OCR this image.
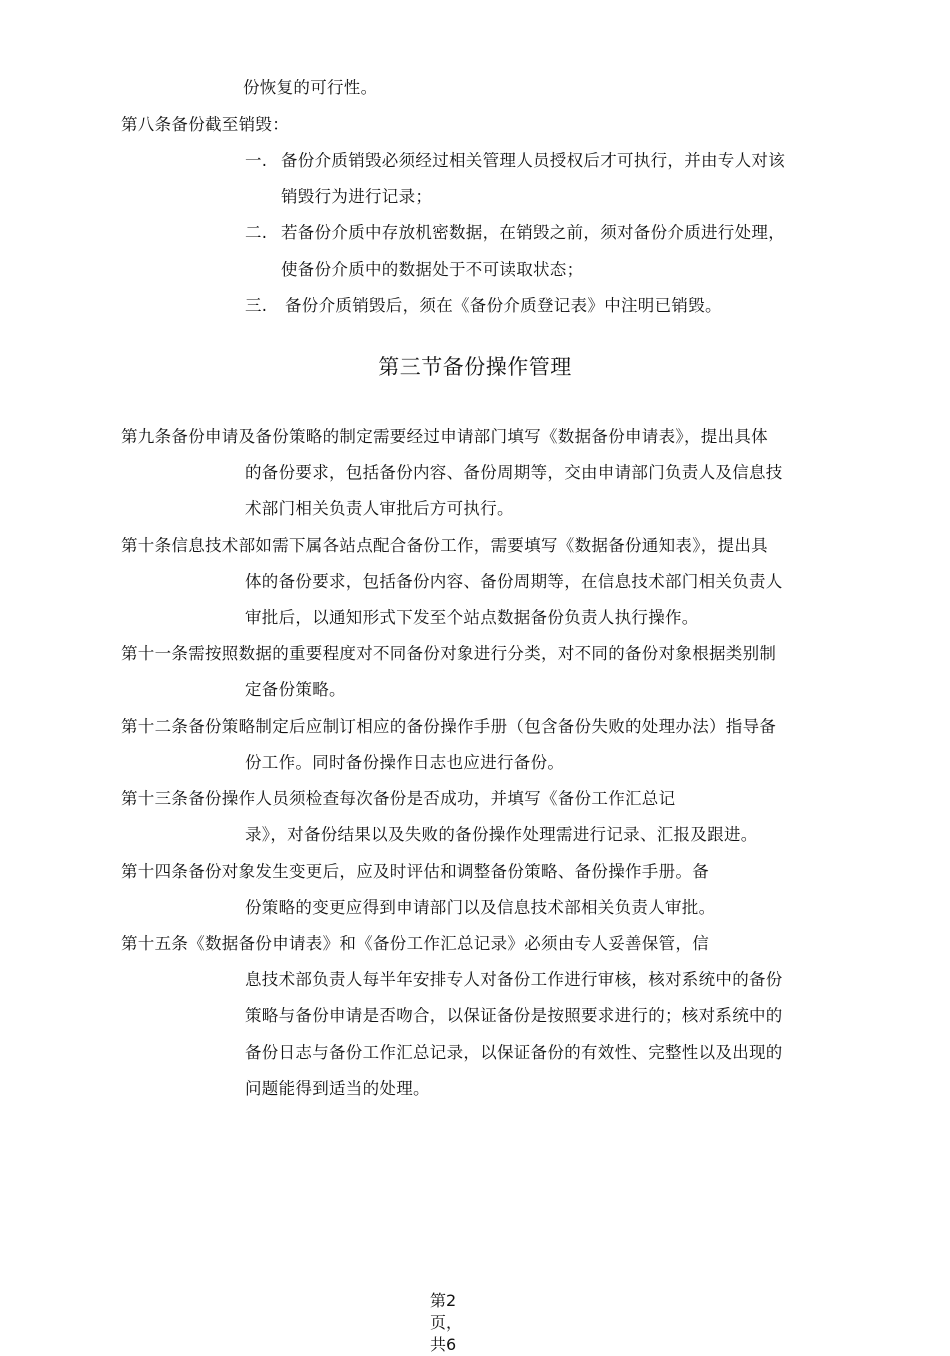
份恢复的可行性。
第八条备份截至销毁：
一. 备份介质销毁必须经过相关管理人员授权后才可执行，并由专人对该
销毁行为进行记录；
二. 若备份介质中存放机密数据，在销毁之前，须对备份介质进行处理，
使备份介质中的数据处于不可读取状态；
三. 备份介质销毁后，须在《备份介质登记表》中注明已销毁。
第三节备份操作管理
第九条备份申请及备份策略的制定需要经过申请部门填写《数据备份申请表》，提出具体
的备份要求，包括备份内容、备份周期等，交由申请部门负责人及信息技
术部门相关负责人审批后方可执行。
第十条信息技术部如需下属各站点配合备份工作，需要填写《数据备份通知表》，提出具
体的备份要求，包括备份内容、备份周期等，在信息技术部门相关负责人
审批后，以通知形式下发至个站点数据备份负责人执行操作。
第十一条需按照数据的重要程度对不同备份对象进行分类，对不同的备份对象根据类别制
定备份策略。
第十二条备份策略制定后应制订相应的备份操作手册（包含备份失败的处理办法）指导备
份工作。同时备份操作日志也应进行备份。
第十三条备份操作人员须检查每次备份是否成功，并填写《备份工作汇总记
录》，对备份结果以及失败的备份操作处理需进行记录、汇报及跟进。
第十四条备份对象发生变更后，应及时评估和调整备份策略、备份操作手册。备
份策略的变更应得到申请部门以及信息技术部相关负责人审批。
第十五条《数据备份申请表》和《备份工作汇总记录》必须由专人妥善保管，信
息技术部负责人每半年安排专人对备份工作进行审核，核对系统中的备份
策略与备份申请是否吻合，以保证备份是按照要求进行的；核对系统中的
备份日志与备份工作汇总记录，以保证备份的有效性、完整性以及出现的
问题能得到适当的处理。
第2
页，
共6
